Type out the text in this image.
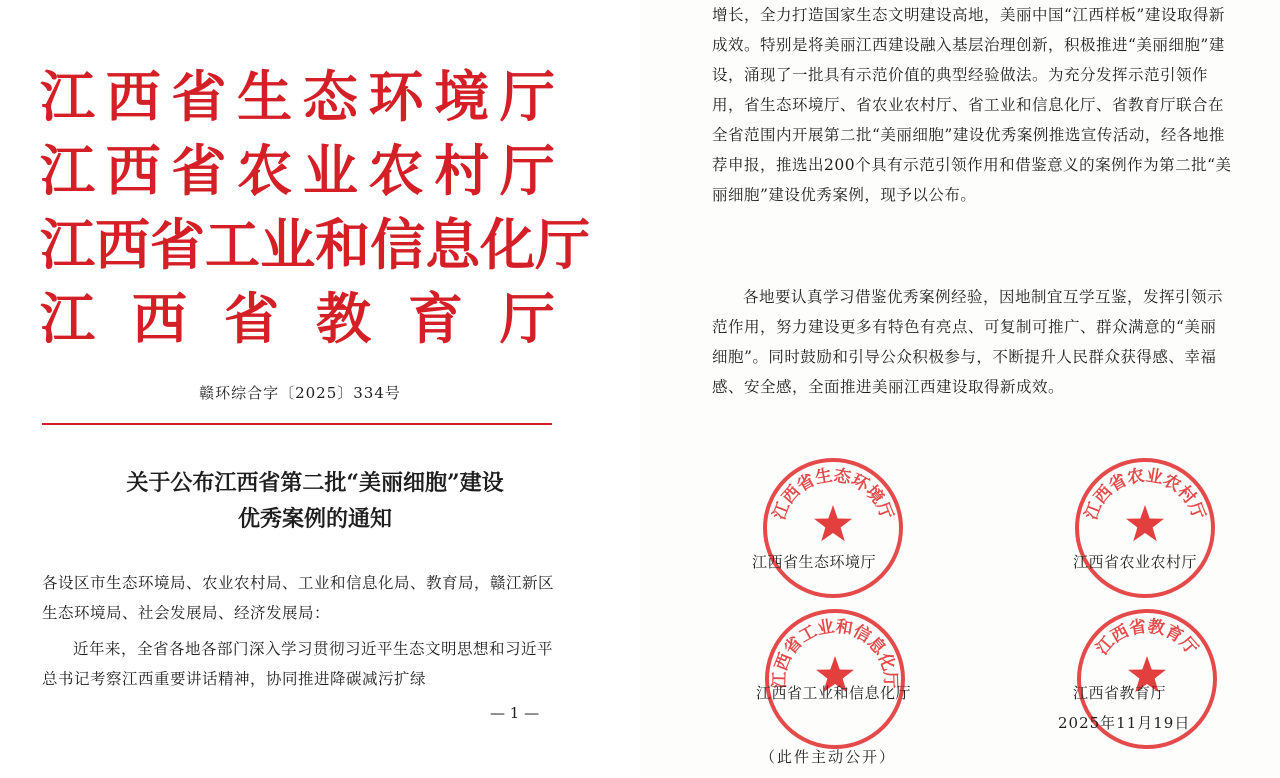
江 西 省 生 态 环 境 厅
江 西 省 农 业 农 村 厅
江 西 省 工 业 和 信 息 化 厅
江 西 省 教 育 厅
赣环综合字〔2025〕334号
关于公布江西省第二批“美丽细胞”建设
优秀案例的通知
各设区市生态环境局、农业农村局、工业和信息化局、教育局，赣江新区生态环境局、社会发展局、经济发展局：
近年来，全省各地各部门深入学习贯彻习近平生态文明思想和习近平总书记考察江西重要讲话精神，协同推进降碳减污扩绿
— 1 —
增长，全力打造国家生态文明建设高地，美丽中国“江西样板”建设取得新成效。特别是将美丽江西建设融入基层治理创新，积极推进“美丽细胞”建设，涌现了一批具有示范价值的典型经验做法。为充分发挥示范引领作用，省生态环境厅、省农业农村厅、省工业和信息化厅、省教育厅联合在全省范围内开展第二批“美丽细胞”建设优秀案例推选宣传活动，经各地推荐申报，推选出200个具有示范引领作用和借鉴意义的案例作为第二批“美丽细胞”建设优秀案例，现予以公布。
各地要认真学习借鉴优秀案例经验，因地制宜互学互鉴，发挥引领示范作用，努力建设更多有特色有亮点、可复制可推广、群众满意的“美丽细胞”。同时鼓励和引导公众积极参与，不断提升人民群众获得感、幸福感、安全感，全面推进美丽江西建设取得新成效。
江西省生态环境厅	江西省农业农村厅
江西省工业和信息化厅
江西省教育厅
江西省生态环境厅	江西省农业农村厅
江西省工业和信息化厅	江西省教育厅
2025年11月19日
（此件主动公开）
